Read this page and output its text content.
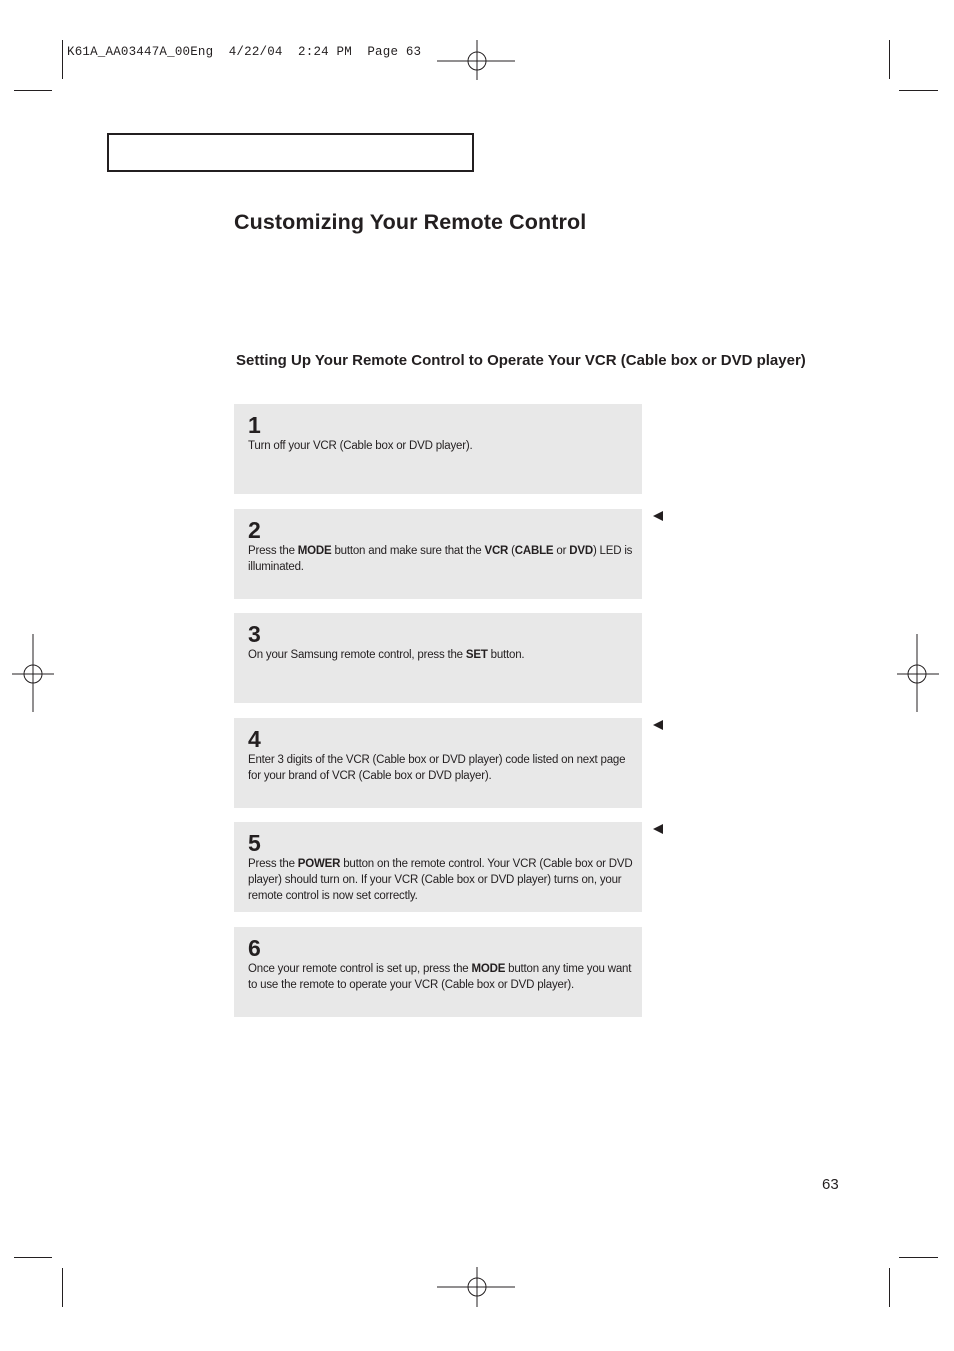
K61A_AA03447A_00Eng  4/22/04  2:24 PM  Page 63
Customizing Your Remote Control
Setting Up Your Remote Control to Operate Your VCR (Cable box or DVD player)
1
Turn off your VCR (Cable box or DVD player).
2
Press the MODE button and make sure that the VCR (CABLE or DVD) LED is illuminated.
3
On your Samsung remote control, press the SET button.
4
Enter 3 digits of the VCR (Cable box or DVD player) code listed on next page for your brand of VCR (Cable box or DVD player).
5
Press the POWER button on the remote control. Your VCR (Cable box or DVD player) should turn on. If your VCR (Cable box or DVD player) turns on, your remote control is now set correctly.
6
Once your remote control is set up, press the MODE button any time you want to use the remote to operate your VCR (Cable box or DVD player).
63
